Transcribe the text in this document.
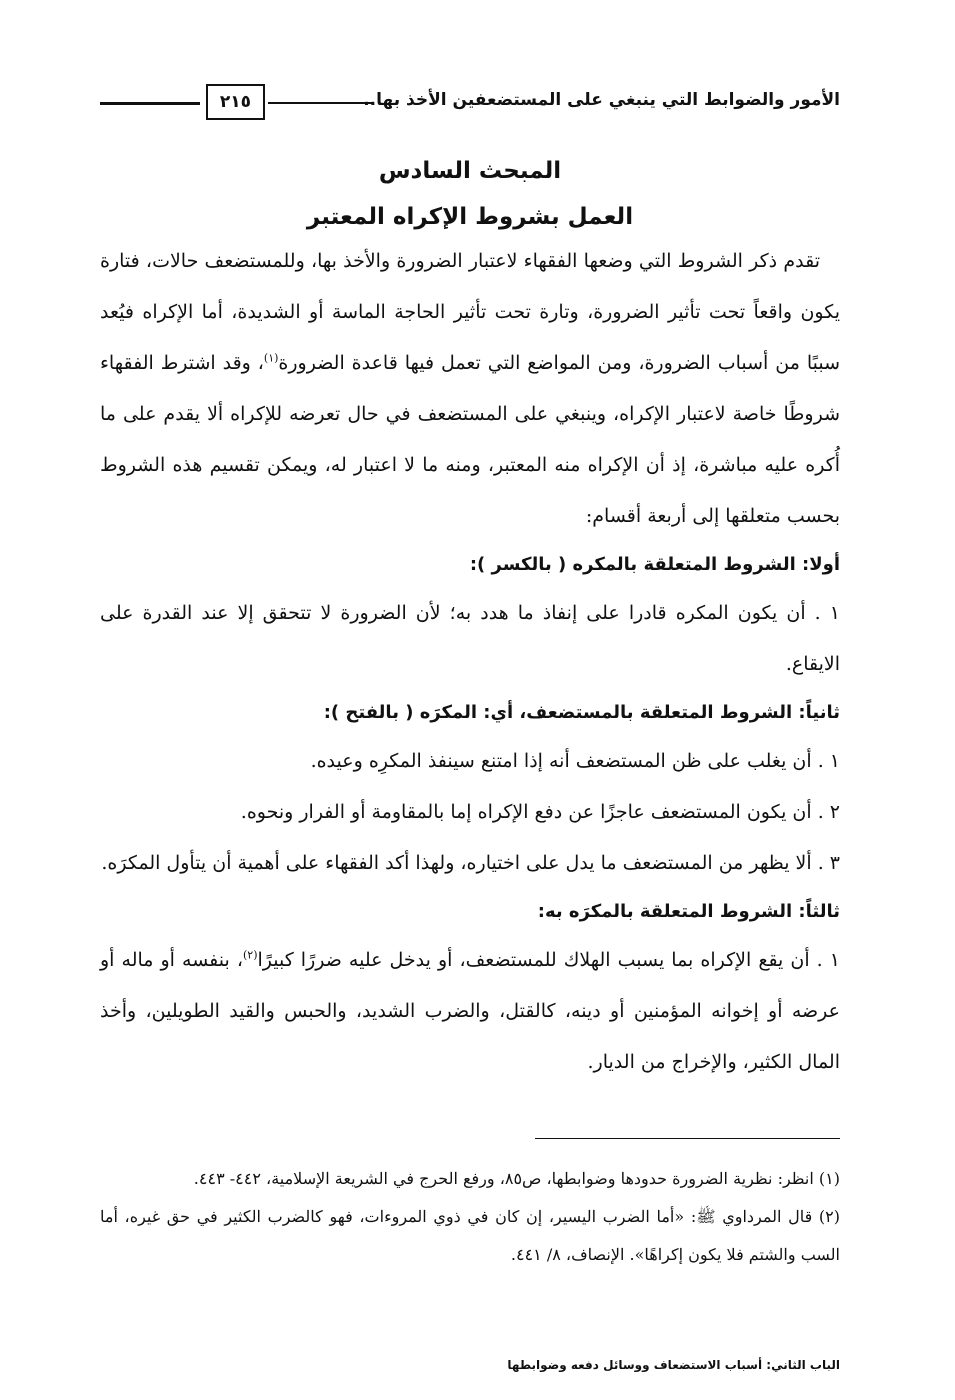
الأمور والضوابط التي ينبغي على المستضعفين الأخذ بها..
٢١٥
المبحث السادس
العمل بشروط الإكراه المعتبر

تقدم ذكر الشروط التي وضعها الفقهاء لاعتبار الضرورة والأخذ بها، وللمستضعف حالات، فتارة يكون واقعاً تحت تأثير الضرورة، وتارة تحت تأثير الحاجة الماسة أو الشديدة، أما الإكراه فيُعد سببًا من أسباب الضرورة، ومن المواضع التي تعمل فيها قاعدة الضرورة$^{(١)}$، وقد اشترط الفقهاء شروطًا خاصة لاعتبار الإكراه، وينبغي على المستضعف في حال تعرضه للإكراه ألا يقدم على ما أُكره عليه مباشرة، إذ أن الإكراه منه المعتبر، ومنه ما لا اعتبار له، ويمكن تقسيم هذه الشروط بحسب متعلقها إلى أربعة أقسام:

أولا: الشروط المتعلقة بالمكره ( بالكسر ):

١ . أن يكون المكره قادرا على إنفاذ ما هدد به؛ لأن الضرورة لا تتحقق إلا عند القدرة على الايقاع.

ثانياً: الشروط المتعلقة بالمستضعف، أي: المكرَه ( بالفتح ):

١ . أن يغلب على ظن المستضعف أنه إذا امتنع سينفذ المكرِه وعيده.

٢ . أن يكون المستضعف عاجزًا عن دفع الإكراه إما بالمقاومة أو الفرار ونحوه.

٣ . ألا يظهر من المستضعف ما يدل على اختياره، ولهذا أكد الفقهاء على أهمية أن يتأول المكرَه.

ثالثاً: الشروط المتعلقة بالمكرَه به:

١ . أن يقع الإكراه بما يسبب الهلاك للمستضعف، أو يدخل عليه ضررًا كبيرًا$^{(٢)}$، بنفسه أو ماله أو عرضه أو إخوانه المؤمنين أو دينه، كالقتل، والضرب الشديد، والحبس والقيد الطويلين، وأخذ المال الكثير، والإخراج من الديار.

(١) انظر: نظرية الضرورة حدودها وضوابطها، ص٨٥، ورفع الحرج في الشريعة الإسلامية، ٤٤٢- ٤٤٣.

(٢) قال المرداوي ﷺ: «أما الضرب اليسير، إن كان في ذوي المروءات، فهو كالضرب الكثير في حق غيره، أما السب والشتم فلا يكون إكراهًا». الإنصاف، ٨/ ٤٤١.

الباب الثاني: أسباب الاستضعاف ووسائل دفعه وضوابطها
